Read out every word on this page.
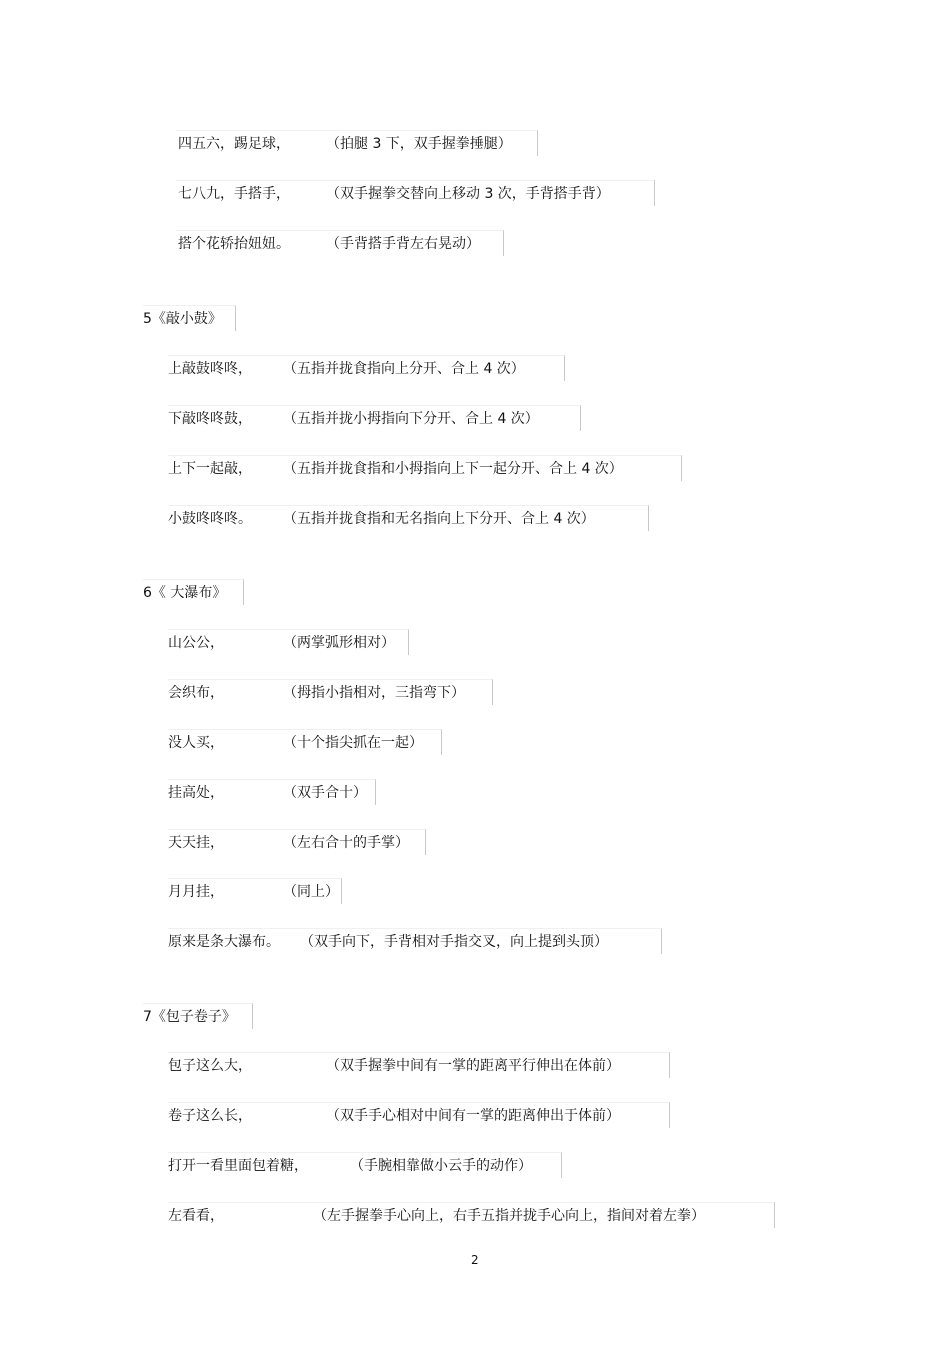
四五六，踢足球，	（拍腿 3 下，双手握拳捶腿）
七八九，手搭手，	（双手握拳交替向上移动 3 次，手背搭手背）
搭个花轿抬妞妞。	（手背搭手背左右晃动）
5《敲小鼓》
上敲鼓咚咚， （五指并拢食指向上分开、合上 4 次）
下敲咚咚鼓， （五指并拢小拇指向下分开、合上 4 次）
上下一起敲， （五指并拢食指和小拇指向上下一起分开、合上 4 次）
小鼓咚咚咚。 （五指并拢食指和无名指向上下分开、合上 4 次）
6《 大瀑布》
山公公，	（两掌弧形相对）
会织布，	（拇指小指相对，三指弯下）
没人买，	（十个指尖抓在一起）
挂高处，	（双手合十）
天天挂，	（左右合十的手掌）
月月挂，	（同上）
原来是条大瀑布。 （双手向下，手背相对手指交叉，向上提到头顶）
7《包子卷子》
包子这么大，	（双手握拳中间有一掌的距离平行伸出在体前）
卷子这么长，	（双手手心相对中间有一掌的距离伸出于体前）
打开一看里面包着糖，	（手腕相靠做小云手的动作）
左看看，	（左手握拳手心向上，右手五指并拢手心向上，指间对着左拳）
2
